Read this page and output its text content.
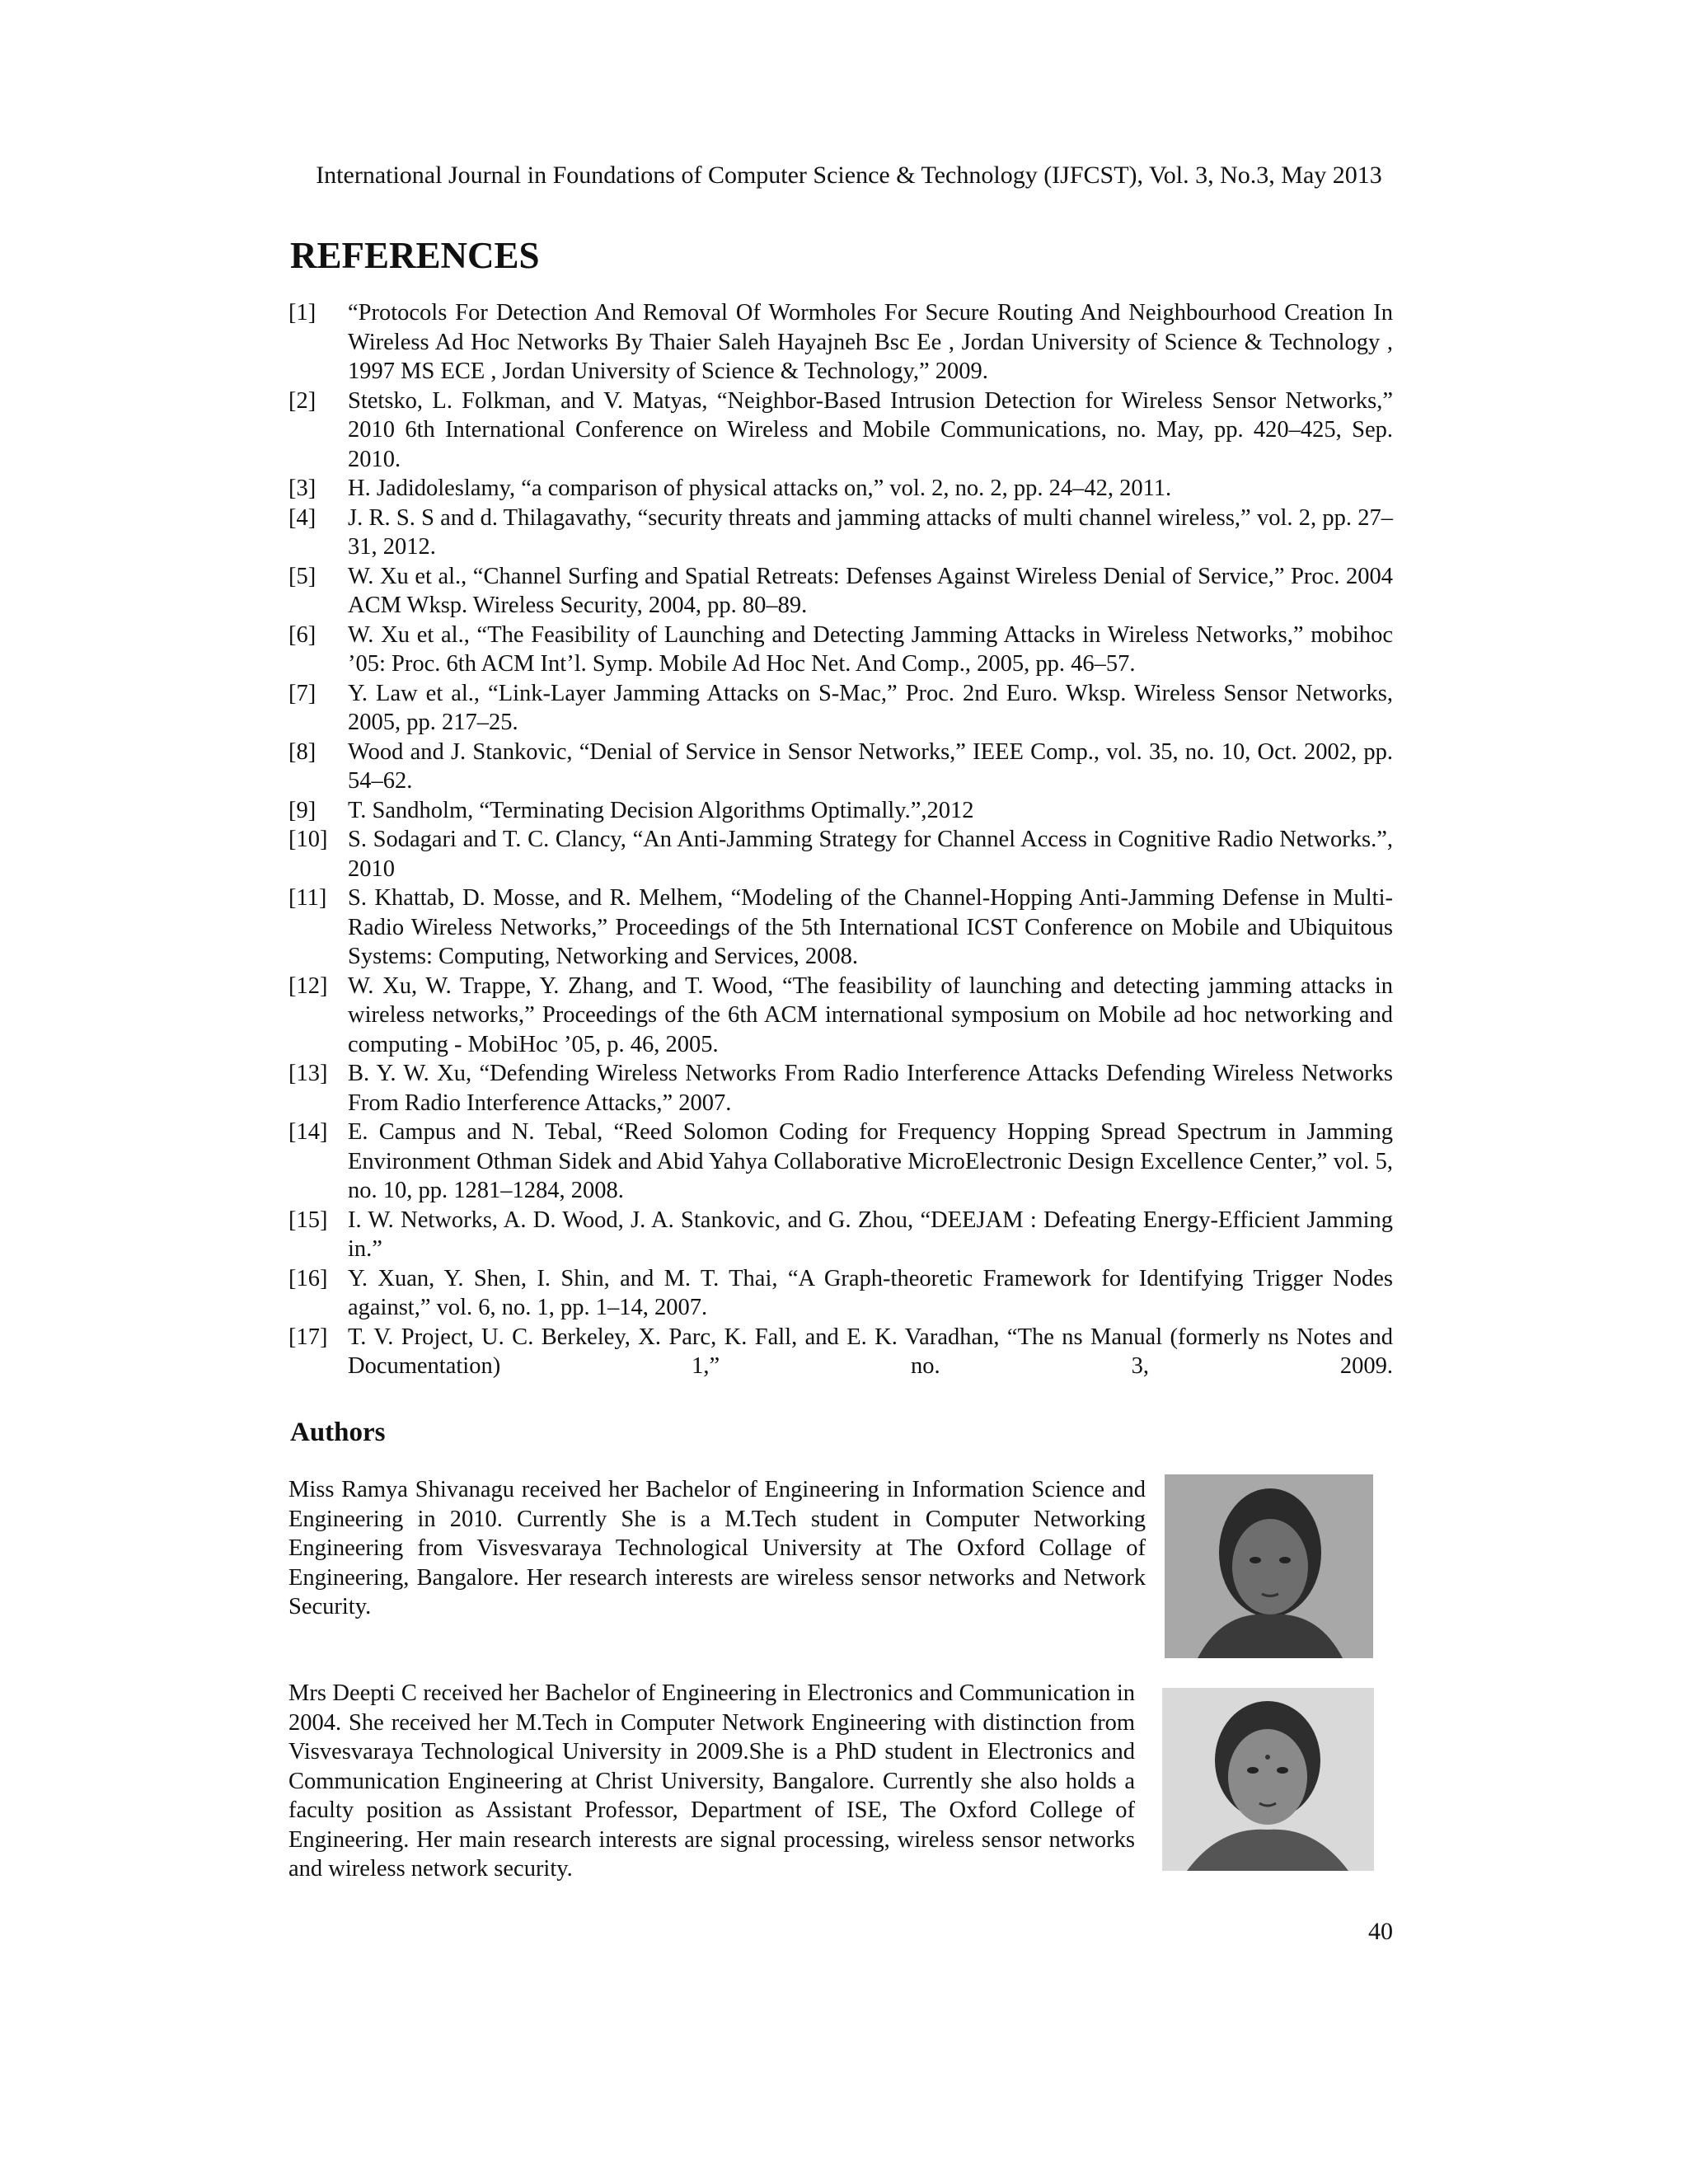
International Journal in Foundations of Computer Science & Technology (IJFCST), Vol. 3, No.3, May 2013
REFERENCES
[1] “Protocols For Detection And Removal Of Wormholes For Secure Routing And Neighbourhood Creation In Wireless Ad Hoc Networks By Thaier Saleh Hayajneh Bsc Ee , Jordan University of Science & Technology , 1997 MS ECE , Jordan University of Science & Technology,” 2009.
[2] Stetsko, L. Folkman, and V. Matyas, “Neighbor-Based Intrusion Detection for Wireless Sensor Networks,” 2010 6th International Conference on Wireless and Mobile Communications, no. May, pp. 420–425, Sep. 2010.
[3] H. Jadidoleslamy, “a comparison of physical attacks on,” vol. 2, no. 2, pp. 24–42, 2011.
[4] J. R. S. S and d. Thilagavathy, “security threats and jamming attacks of multi channel wireless,” vol. 2, pp. 27–31, 2012.
[5] W. Xu et al., “Channel Surfing and Spatial Retreats: Defenses Against Wireless Denial of Service,” Proc. 2004 ACM Wksp. Wireless Security, 2004, pp. 80–89.
[6] W. Xu et al., “The Feasibility of Launching and Detecting Jamming Attacks in Wireless Networks,” mobihoc ’05: Proc. 6th ACM Int’l. Symp. Mobile Ad Hoc Net. And Comp., 2005, pp. 46–57.
[7] Y. Law et al., “Link-Layer Jamming Attacks on S-Mac,” Proc. 2nd Euro. Wksp. Wireless Sensor Networks, 2005, pp. 217–25.
[8] Wood and J. Stankovic, “Denial of Service in Sensor Networks,” IEEE Comp., vol. 35, no. 10, Oct. 2002, pp. 54–62.
[9] T. Sandholm, “Terminating Decision Algorithms Optimally.”,2012
[10] S. Sodagari and T. C. Clancy, “An Anti-Jamming Strategy for Channel Access in Cognitive Radio Networks.”, 2010
[11] S. Khattab, D. Mosse, and R. Melhem, “Modeling of the Channel-Hopping Anti-Jamming Defense in Multi-Radio Wireless Networks,” Proceedings of the 5th International ICST Conference on Mobile and Ubiquitous Systems: Computing, Networking and Services, 2008.
[12] W. Xu, W. Trappe, Y. Zhang, and T. Wood, “The feasibility of launching and detecting jamming attacks in wireless networks,” Proceedings of the 6th ACM international symposium on Mobile ad hoc networking and computing - MobiHoc ’05, p. 46, 2005.
[13] B. Y. W. Xu, “Defending Wireless Networks From Radio Interference Attacks Defending Wireless Networks From Radio Interference Attacks,” 2007.
[14] E. Campus and N. Tebal, “Reed Solomon Coding for Frequency Hopping Spread Spectrum in Jamming Environment Othman Sidek and Abid Yahya Collaborative MicroElectronic Design Excellence Center,” vol. 5, no. 10, pp. 1281–1284, 2008.
[15] I. W. Networks, A. D. Wood, J. A. Stankovic, and G. Zhou, “DEEJAM : Defeating Energy-Efficient Jamming in.”
[16] Y. Xuan, Y. Shen, I. Shin, and M. T. Thai, “A Graph-theoretic Framework for Identifying Trigger Nodes against,” vol. 6, no. 1, pp. 1–14, 2007.
[17] T. V. Project, U. C. Berkeley, X. Parc, K. Fall, and E. K. Varadhan, “The ns Manual (formerly ns Notes and Documentation) 1,” no. 3, 2009.
Authors

Miss Ramya Shivanagu received her Bachelor of Engineering in Information Science and Engineering in 2010. Currently She is a M.Tech student in Computer Networking Engineering from Visvesvaraya Technological University at The Oxford Collage of Engineering, Bangalore. Her research interests are wireless sensor networks and Network Security.

Mrs Deepti C received her Bachelor of Engineering in Electronics and Communication in 2004. She received her M.Tech in Computer Network Engineering with distinction from Visvesvaraya Technological University in 2009.She is a PhD student in Electronics and Communication Engineering at Christ University, Bangalore. Currently she also holds a faculty position as Assistant Professor, Department of ISE, The Oxford College of Engineering. Her main research interests are signal processing, wireless sensor networks and wireless network security.

40
